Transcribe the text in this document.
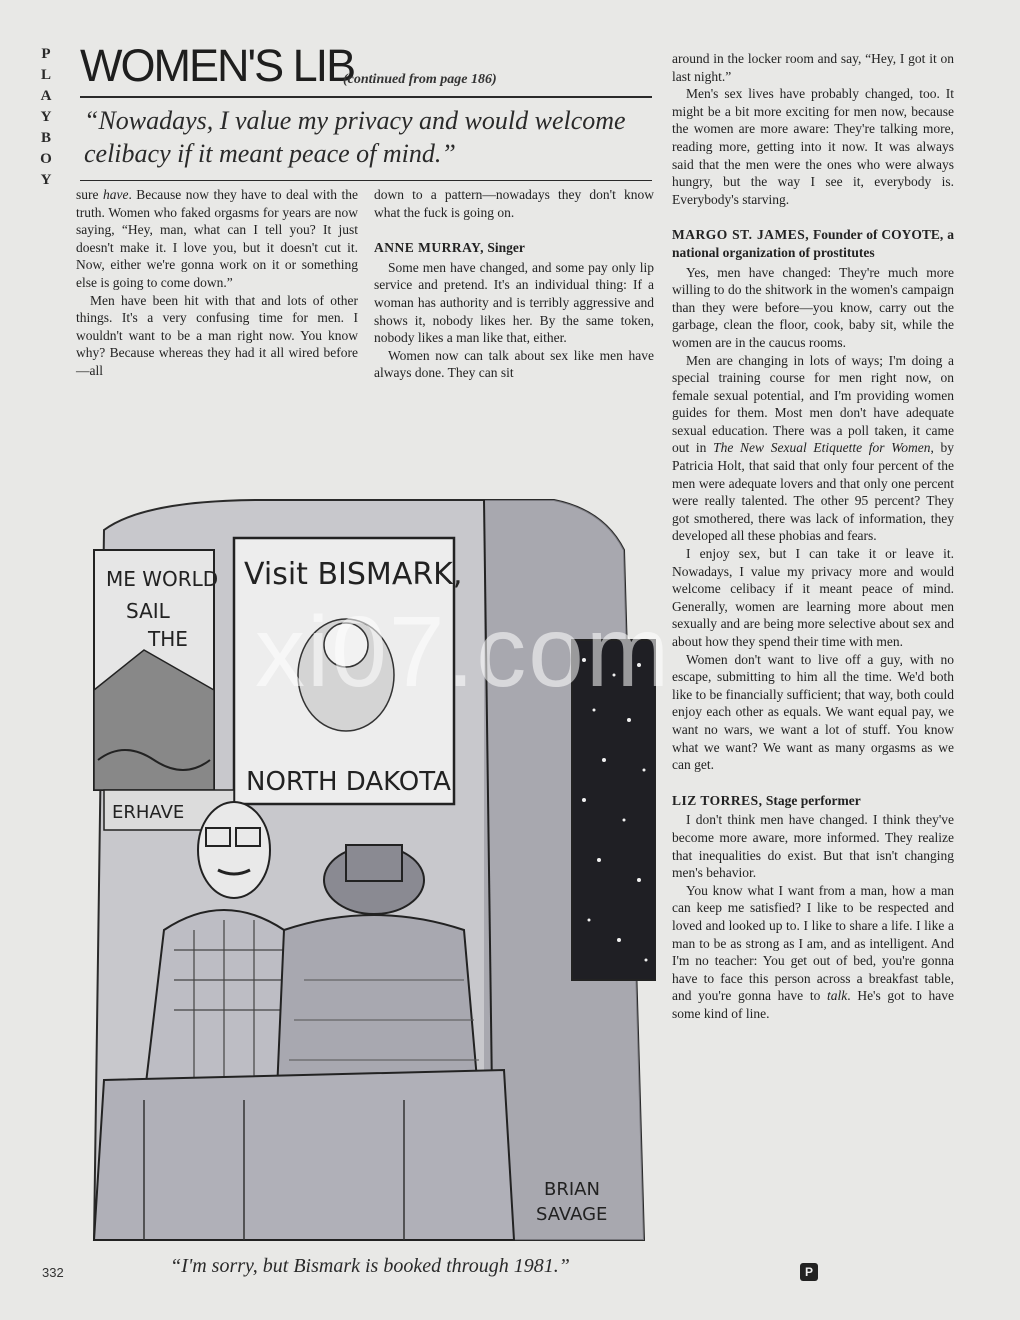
P
L
A
Y
B
O
Y
WOMEN'S LIB
(continued from page 186)
“Nowadays, I value my privacy and would welcome celibacy if it meant peace of mind.”

sure have. Because now they have to deal with the truth. Women who faked orgasms for years are now saying, “Hey, man, what can I tell you? It just doesn't make it. I love you, but it doesn't cut it. Now, either we're gonna work on it or something else is going to come down.”

Men have been hit with that and lots of other things. It's a very confusing time for men. I wouldn't want to be a man right now. You know why? Because whereas they had it all wired before—all

down to a pattern—nowadays they don't know what the fuck is going on.

ANNE MURRAY, Singer

Some men have changed, and some pay only lip service and pretend. It's an individual thing: If a woman has authority and is terribly aggressive and shows it, nobody likes her. By the same token, nobody likes a man like that, either.

Women now can talk about sex like men have always done. They can sit

around in the locker room and say, “Hey, I got it on last night.”

Men's sex lives have probably changed, too. It might be a bit more exciting for men now, because the women are more aware: They're talking more, reading more, getting into it now. It was always said that the men were the ones who were always hungry, but the way I see it, everybody is. Everybody's starving.

MARGO ST. JAMES, Founder of COYOTE, a national organization of prostitutes

Yes, men have changed: They're much more willing to do the shitwork in the women's campaign than they were before—you know, carry out the garbage, clean the floor, cook, baby sit, while the women are in the caucus rooms.

Men are changing in lots of ways; I'm doing a special training course for men right now, on female sexual potential, and I'm providing women guides for them. Most men don't have adequate sexual education. There was a poll taken, it came out in The New Sexual Etiquette for Women, by Patricia Holt, that said that only four percent of the men were adequate lovers and that only one percent were really talented. The other 95 percent? They got smothered, there was lack of information, they developed all these phobias and fears.

I enjoy sex, but I can take it or leave it. Nowadays, I value my privacy more and would welcome celibacy if it meant peace of mind. Generally, women are learning more about men sexually and are being more selective about sex and about how they spend their time with men.

Women don't want to live off a guy, with no escape, submitting to him all the time. We'd both like to be financially sufficient; that way, both could enjoy each other as equals. We want equal pay, we want no wars, we want a lot of stuff. You know what we want? We want as many orgasms as we can get.

LIZ TORRES, Stage performer

I don't think men have changed. I think they've become more aware, more informed. They realize that inequalities do exist. But that isn't changing men's behavior.

You know what I want from a man, how a man can keep me satisfied? I like to be respected and loved and looked up to. I like to share a life. I like a man to be as strong as I am, and as intelligent. And I'm no teacher: You get out of bed, you're gonna have to face this person across a breakfast table, and you're gonna have to talk. He's got to have some kind of line.

ME WORLD
SAIL
THE
Visit BISMARK,
NORTH DAKOTA
ERHAVE
BRIAN
SAVAGE
xi07.com
“I'm sorry, but Bismark is booked through 1981.”
332	P
